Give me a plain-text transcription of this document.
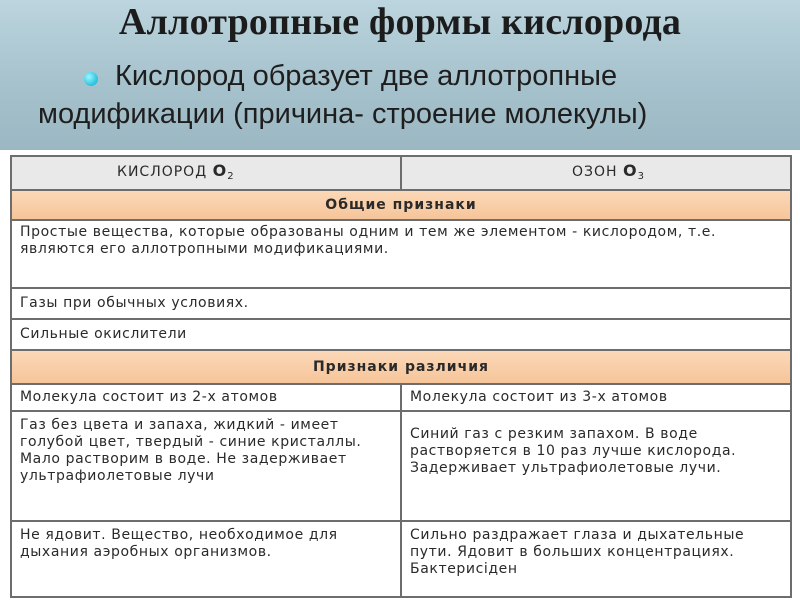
Аллотропные формы кислорода
Кислород образует две аллотропные
модификации (причина- строение молекулы)
КИСЛОРОД $O_2$	ОЗОН $O_3$
Общие признаки	
Простые вещества, которые образованы одним и тем же элементом - кислородом, т.е. являются его аллотропными модификациями.	
Газы при обычных условиях.	
Сильные окислители	
Признаки различия	
Молекула состоит из 2-х атомов	Молекула состоит из 3-х атомов
Газ без цвета и запаха, жидкий - имеет голубой цвет, твердый - синие кристаллы. Мало растворим в воде. Не задерживает ультрафиолетовые лучи	Синий газ с резким запахом. В воде растворяется в 10 раз лучше кислорода. Задерживает ультрафиолетовые лучи.
Не ядовит. Вещество, необходимое для дыхания аэробных организмов.	Сильно раздражает глаза и дыхательные пути. Ядовит в больших концентрациях. Бактериciден
